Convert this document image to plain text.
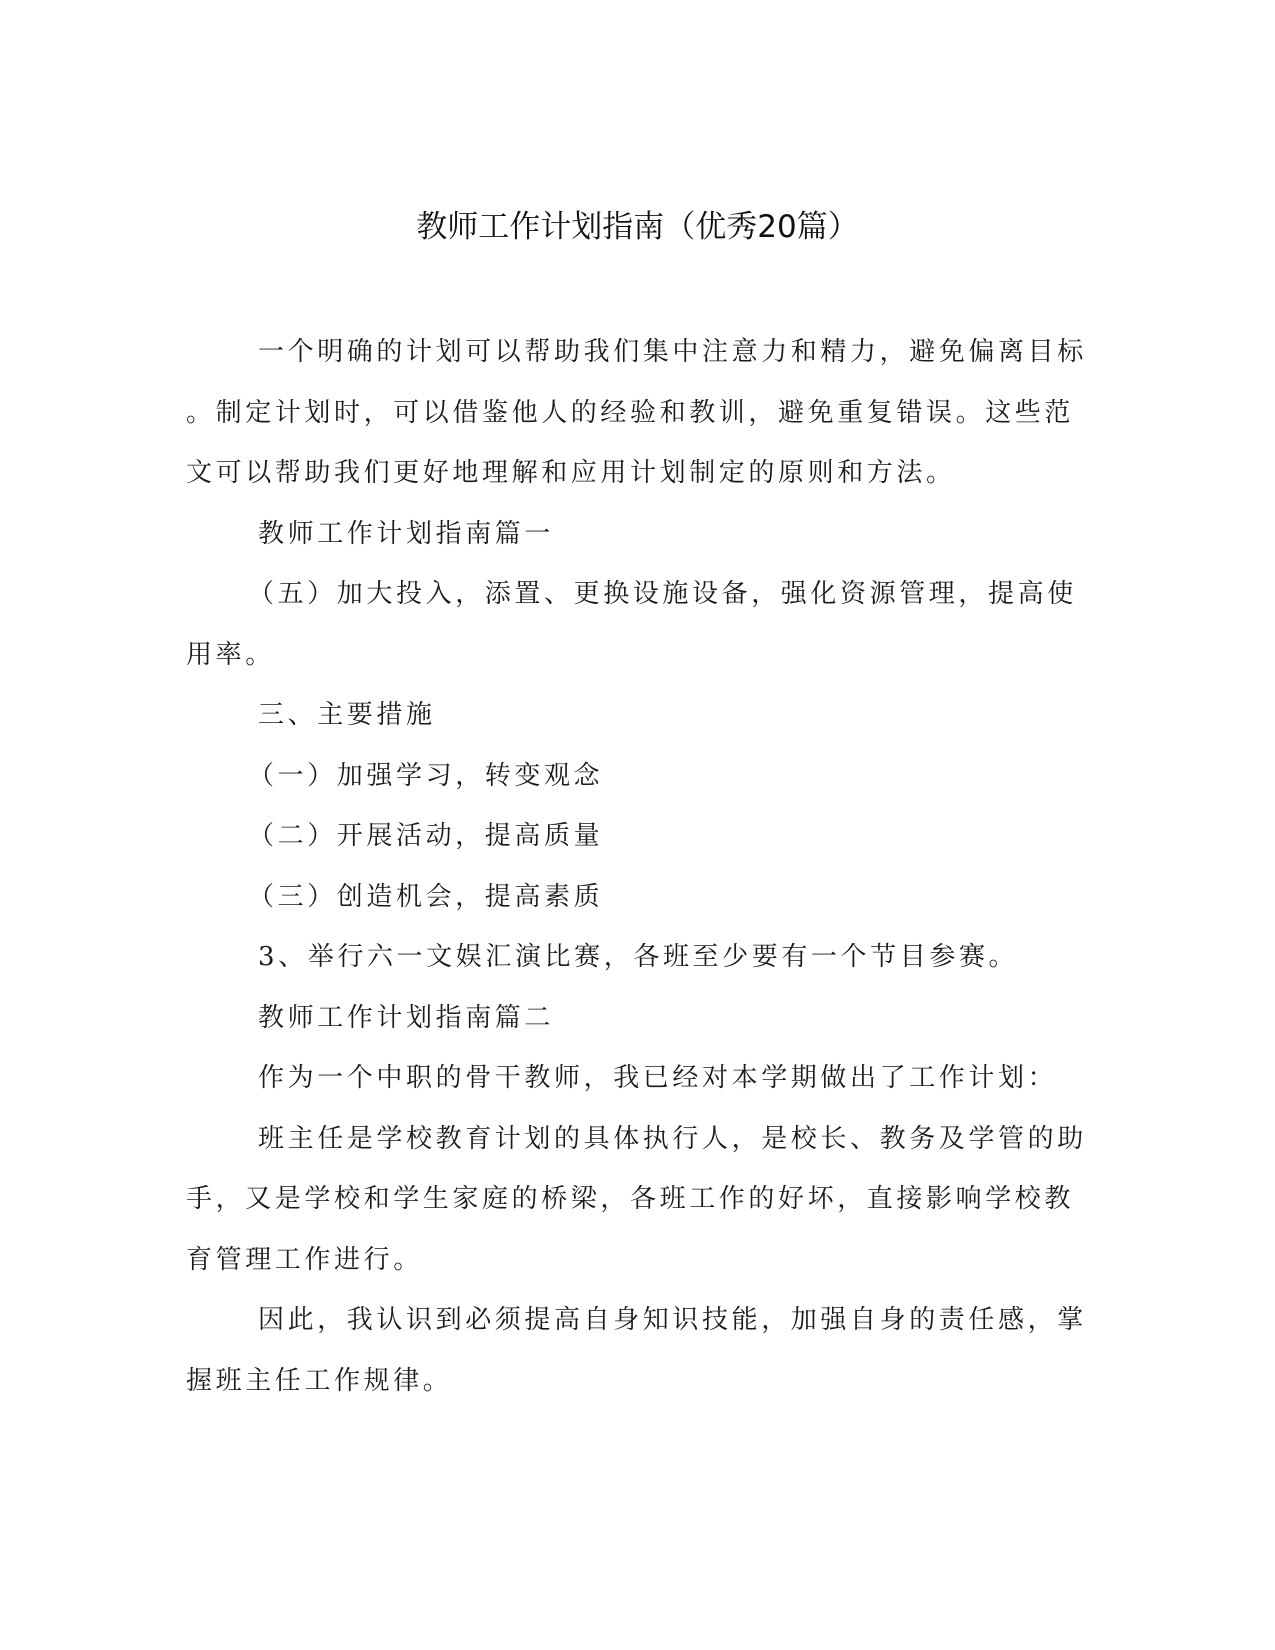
教师工作计划指南（优秀20篇）
一个明确的计划可以帮助我们集中注意力和精力，避免偏离目标
。制定计划时，可以借鉴他人的经验和教训，避免重复错误。这些范
文可以帮助我们更好地理解和应用计划制定的原则和方法。
教师工作计划指南篇一
（五）加大投入，添置、更换设施设备，强化资源管理，提高使
用率。
三、主要措施
（一）加强学习，转变观念
（二）开展活动，提高质量
（三）创造机会，提高素质
3、举行六一文娱汇演比赛，各班至少要有一个节目参赛。
教师工作计划指南篇二
作为一个中职的骨干教师，我已经对本学期做出了工作计划：
班主任是学校教育计划的具体执行人，是校长、教务及学管的助
手，又是学校和学生家庭的桥梁，各班工作的好坏，直接影响学校教
育管理工作进行。
因此，我认识到必须提高自身知识技能，加强自身的责任感，掌
握班主任工作规律。
